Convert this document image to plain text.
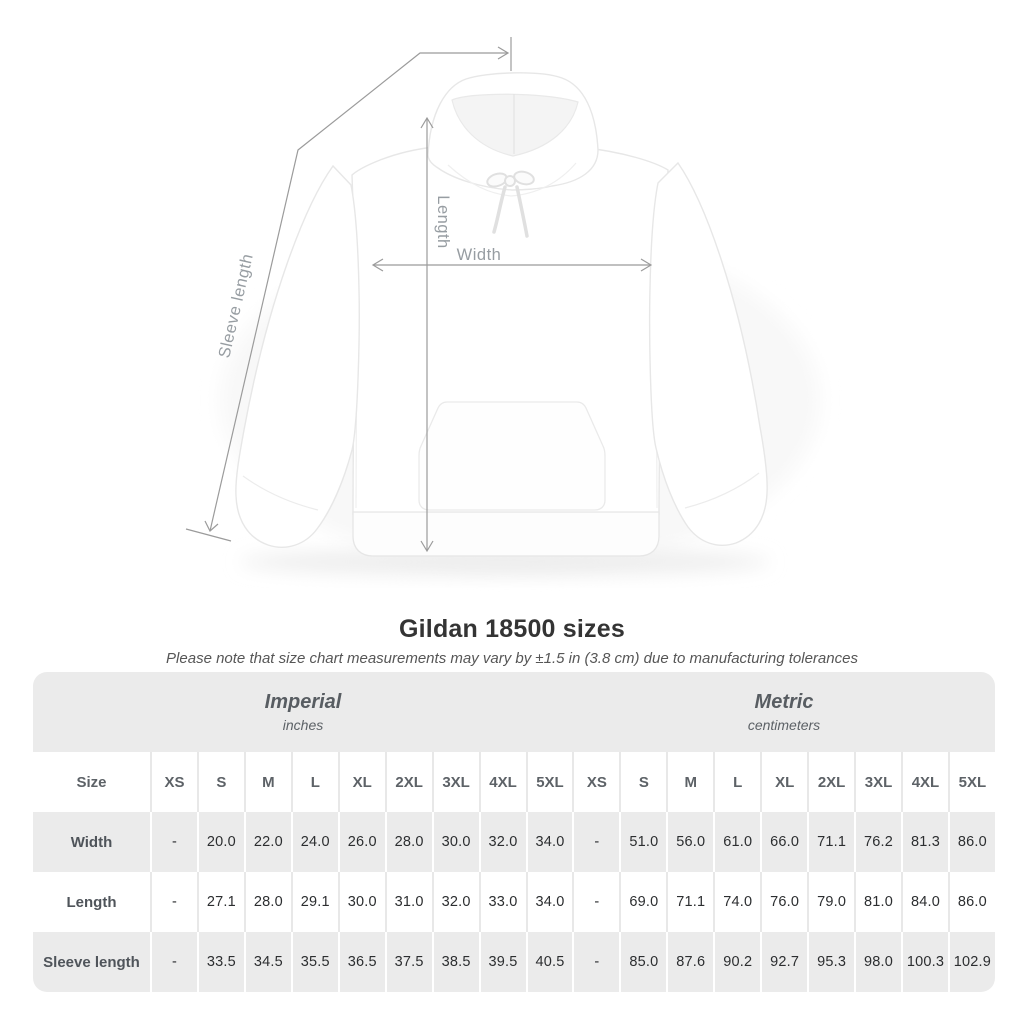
Width
Length
Sleeve length
Gildan 18500 sizes

Please note that size chart measurements may vary by ±1.5 in (3.8 cm) due to manufacturing tolerances

Imperial
inches
Metric
centimeters
Size	XS	S	M	L	XL	2XL	3XL	4XL	5XL	XS	S	M	L	XL	2XL	3XL	4XL	5XL
Width	-	20.0	22.0	24.0	26.0	28.0	30.0	32.0	34.0	-	51.0	56.0	61.0	66.0	71.1	76.2	81.3	86.0
Length	-	27.1	28.0	29.1	30.0	31.0	32.0	33.0	34.0	-	69.0	71.1	74.0	76.0	79.0	81.0	84.0	86.0
Sleeve length	-	33.5	34.5	35.5	36.5	37.5	38.5	39.5	40.5	-	85.0	87.6	90.2	92.7	95.3	98.0 100.3 102.9
